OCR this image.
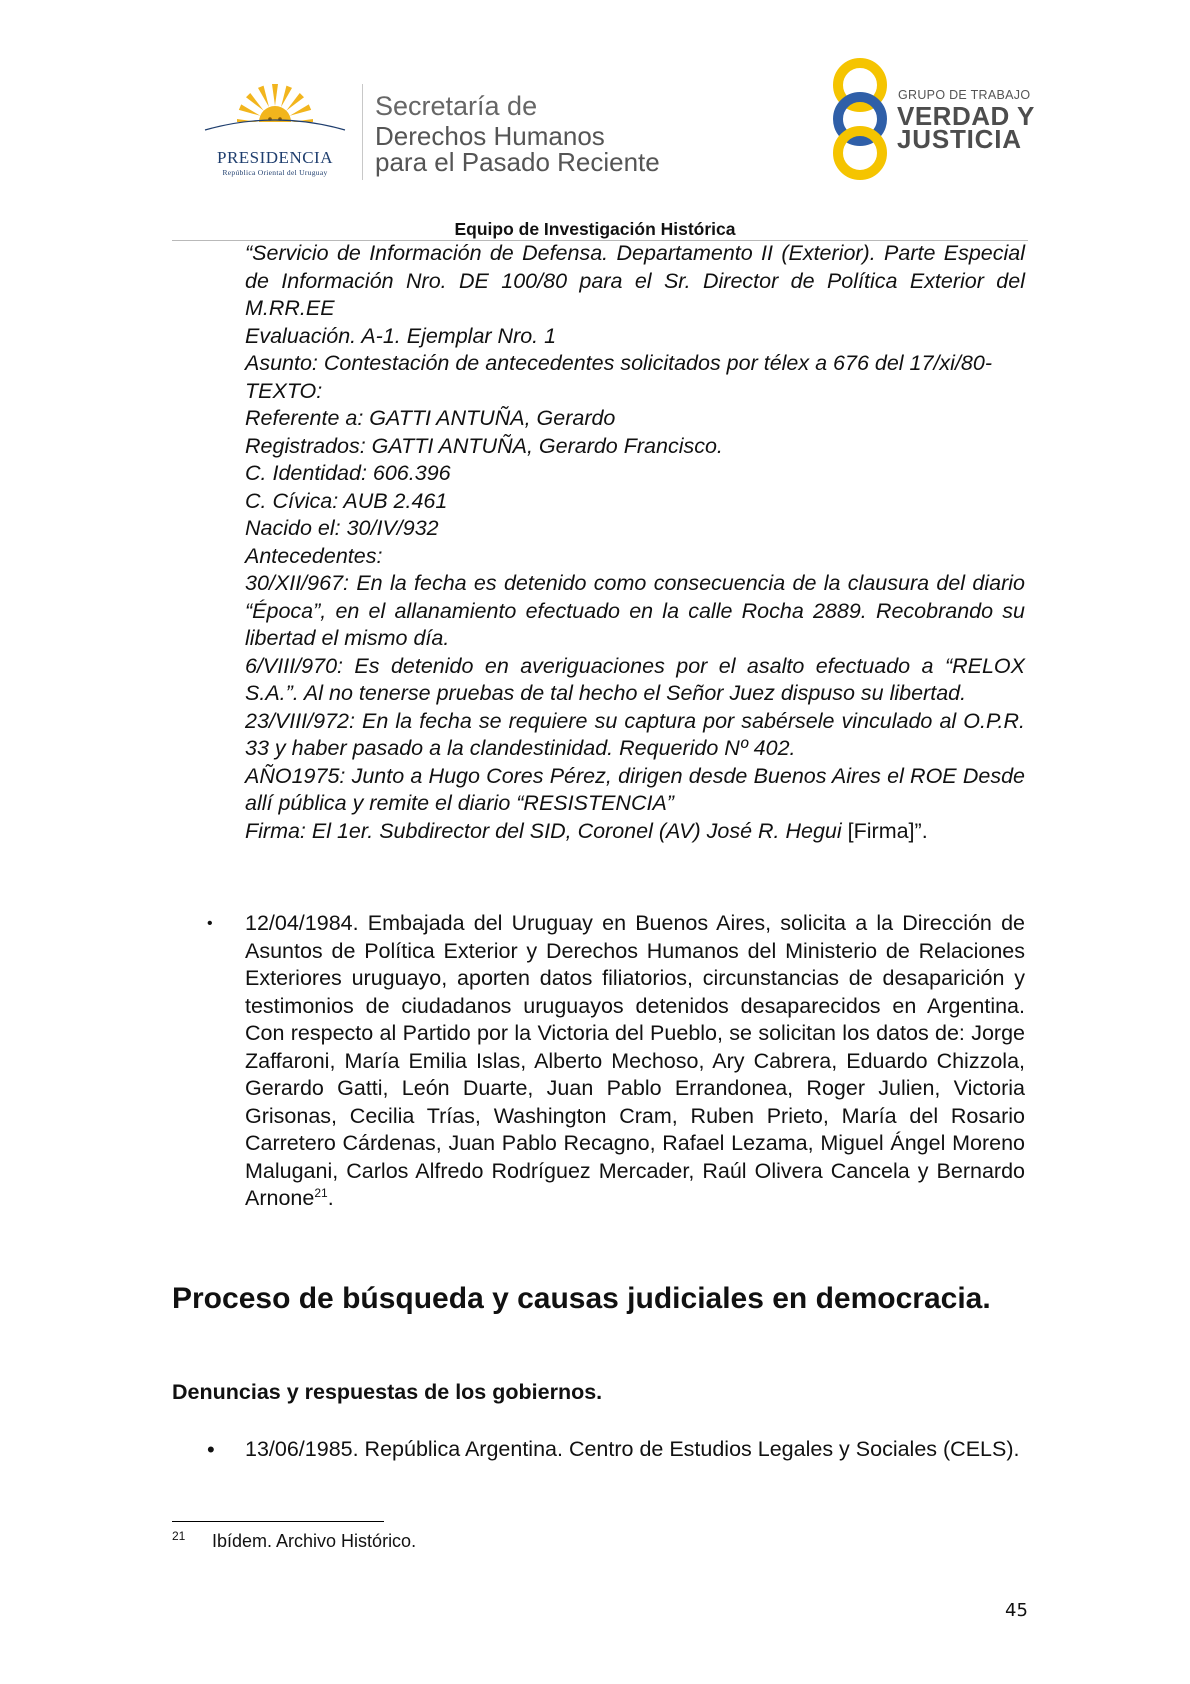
PRESIDENCIA
República Oriental del Uruguay
Secretaría de
Derechos Humanos
para el Pasado Reciente
GRUPO DE TRABAJO
VERDAD Y
JUSTICIA
Equipo de Investigación Histórica

“Servicio de Información de Defensa. Departamento II (Exterior). Parte Especial de Información Nro. DE 100/80 para el Sr. Director de Política Exterior del M.RR.EE

Evaluación. A-1. Ejemplar Nro. 1

Asunto: Contestación de antecedentes solicitados por télex a 676 del 17/xi/80-

TEXTO:

Referente a: GATTI ANTUÑA, Gerardo

Registrados: GATTI ANTUÑA, Gerardo Francisco.

C. Identidad: 606.396

C. Cívica: AUB 2.461

Nacido el: 30/IV/932

Antecedentes:

30/XII/967: En la fecha es detenido como consecuencia de la clausura del diario “Época”, en el allanamiento efectuado en la calle Rocha 2889. Recobrando su libertad el mismo día.

6/VIII/970: Es detenido en averiguaciones por el asalto efectuado a “RELOX S.A.”. Al no tenerse pruebas de tal hecho el Señor Juez dispuso su libertad.

23/VIII/972: En la fecha se requiere su captura por sabérsele vinculado al O.P.R. 33 y haber pasado a la clandestinidad. Requerido Nº 402.

AÑO1975: Junto a Hugo Cores Pérez, dirigen desde Buenos Aires el ROE Desde allí pública y remite el diario “RESISTENCIA”

Firma: El 1er. Subdirector del SID, Coronel (AV) José R. Hegui [Firma]”.

• 12/04/1984. Embajada del Uruguay en Buenos Aires, solicita a la Dirección de Asuntos de Política Exterior y Derechos Humanos del Ministerio de Relaciones Exteriores uruguayo, aporten datos filiatorios, circunstancias de desaparición y testimonios de ciudadanos uruguayos detenidos desaparecidos en Argentina. Con respecto al Partido por la Victoria del Pueblo, se solicitan los datos de: Jorge Zaffaroni, María Emilia Islas, Alberto Mechoso, Ary Cabrera, Eduardo Chizzola, Gerardo Gatti, León Duarte, Juan Pablo Errandonea, Roger Julien, Victoria Grisonas, Cecilia Trías, Washington Cram, Ruben Prieto, María del Rosario Carretero Cárdenas, Juan Pablo Recagno, Rafael Lezama, Miguel Ángel Moreno Malugani, Carlos Alfredo Rodríguez Mercader, Raúl Olivera Cancela y Bernardo Arnone$^{21}$.
Proceso de búsqueda y causas judiciales en democracia.
Denuncias y respuestas de los gobiernos.
• 13/06/1985. República Argentina. Centro de Estudios Legales y Sociales (CELS).
21 Ibídem. Archivo Histórico.
45
